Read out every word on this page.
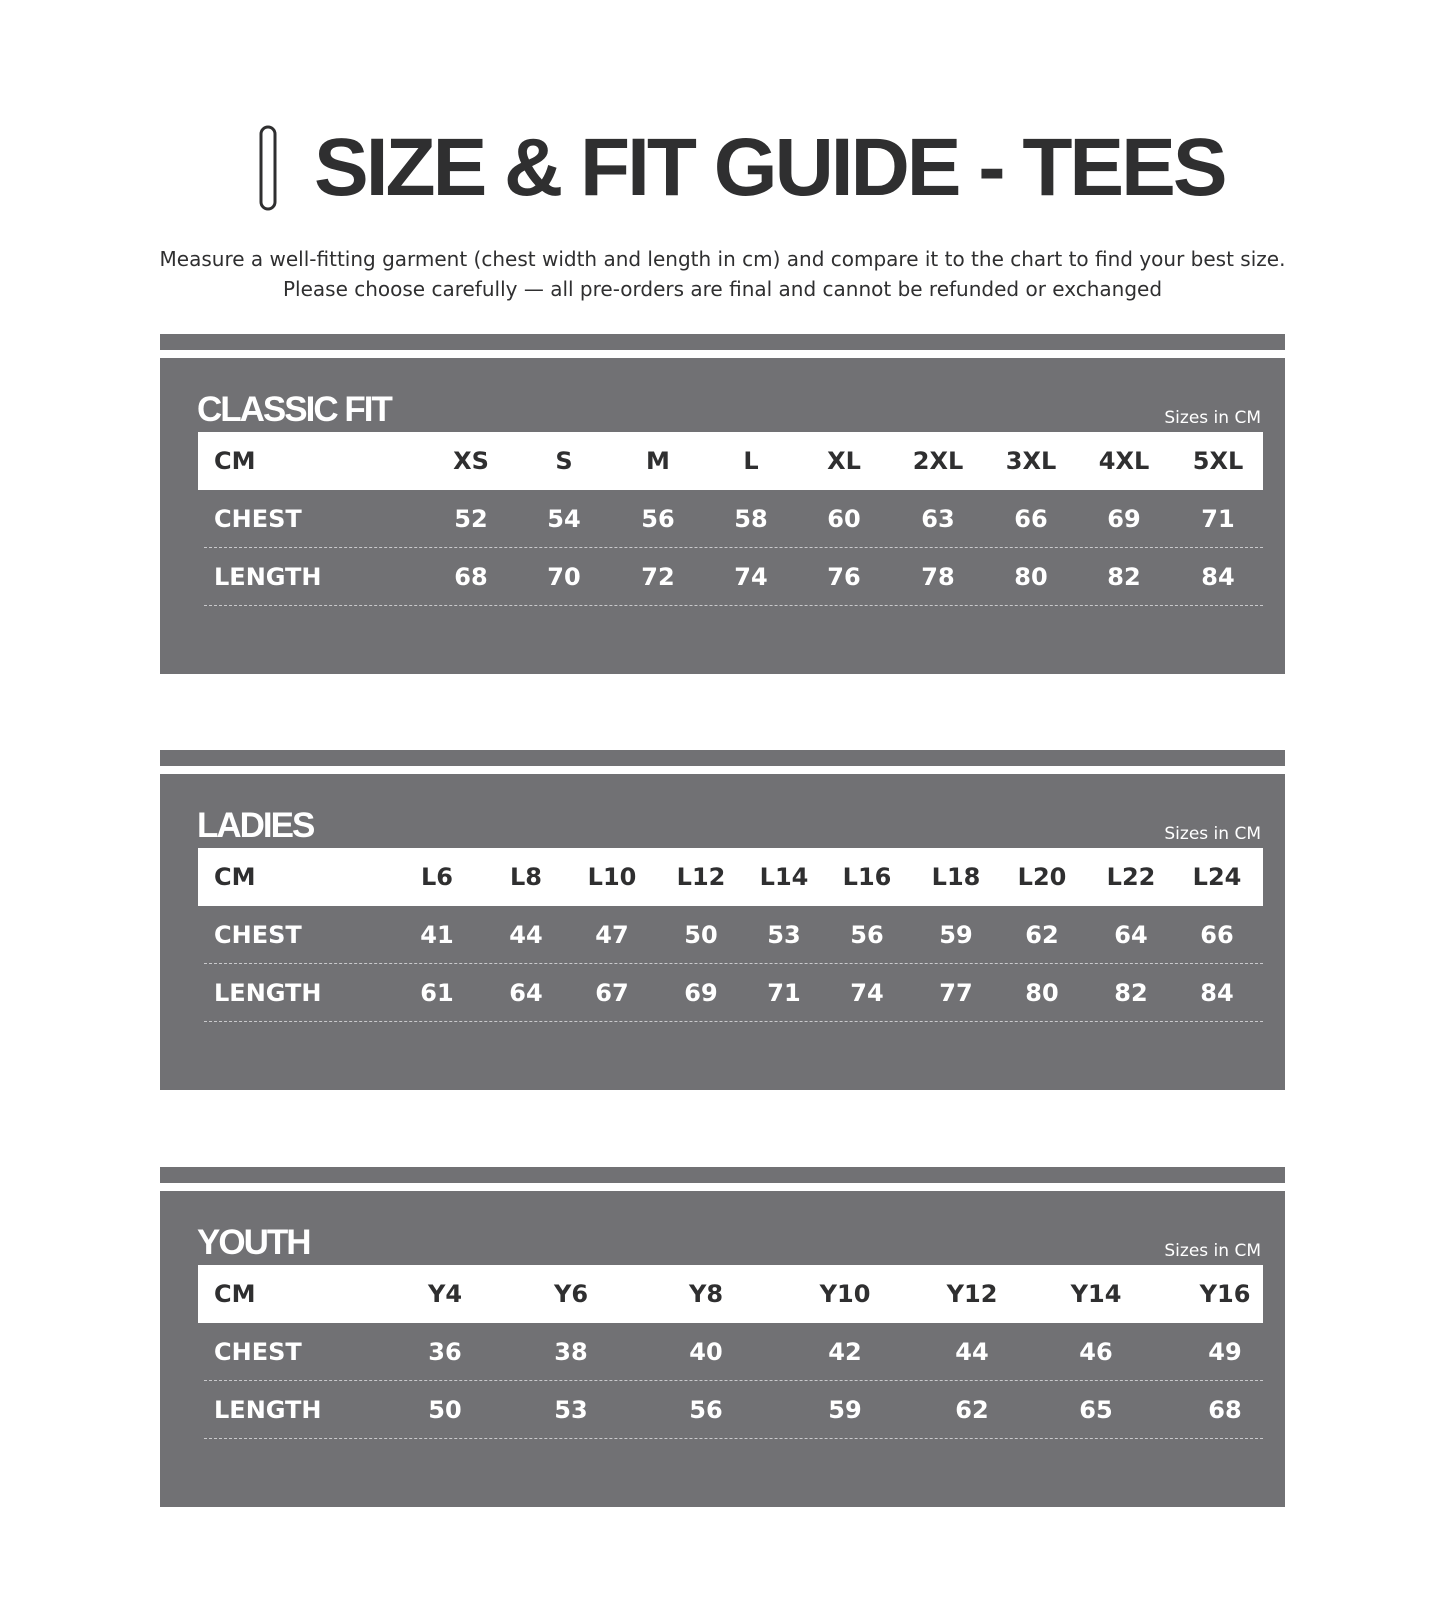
SIZE & FIT GUIDE - TEES

Measure a well-fitting garment (chest width and length in cm) and compare it to the chart to find your best size.

Please choose carefully — all pre-orders are final and cannot be refunded or exchanged

CLASSIC FIT	Sizes in CM
CM	XS	S	M	L	XL 2XL 3XL 4XL 5XL
CHEST	52 54	56 58 60	63 66 69	71
LENGTH	68 70	72 74 76	78 80 82	84
LADIES	Sizes in CM
CM	L6 L8 L10 L12 L14 L16 L18 L20 L22 L24
CHEST	41 44 47 50 53 56 59 62 64 66
LENGTH	61 64 67 69 71 74 77 80 82 84
YOUTH	Sizes in CM
CM	Y4	Y6	Y8	Y10	Y12	Y14	Y16
CHEST	36	38	40	42	44	46	49
LENGTH	50	53	56	59	62	65	68
